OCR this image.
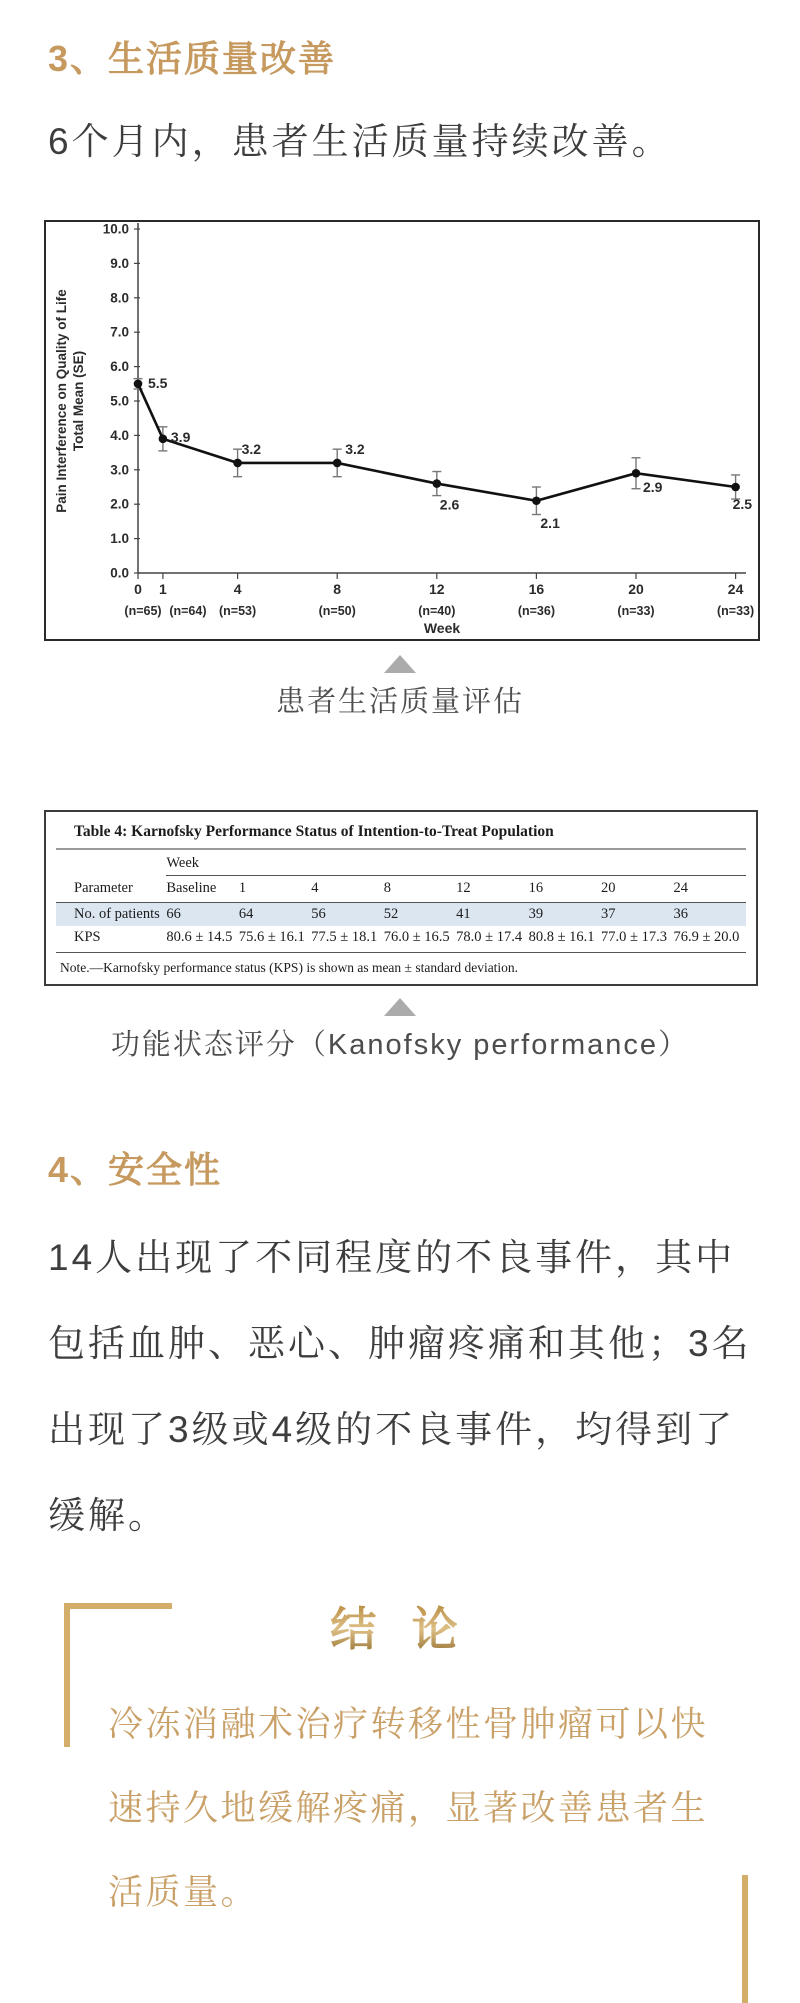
3、生活质量改善

6个月内，患者生活质量持续改善。

0.0
1.0
2.0
3.0
4.0
5.0
6.0
7.0
8.0
9.0
10.0
0
(n=65)
1
(n=64)
4
(n=53)
8
(n=50)
12
(n=40)
16
(n=36)
20
(n=33)
24
(n=33)
Week
Pain Interference on Quality of Life Total Mean (SE)	5.5
3.9
3.2	3.2
2.6
2.1
2.9
2.5
患者生活质量评估
Table 4: Karnofsky Performance Status of Intention-to-Treat Population
	Week							
Parameter	Baseline	1	4	8	12	16	20	24
No. of patients	66	64	56	52	41	39	37	36
KPS	80.6 ± 14.5	75.6 ± 16.1	77.5 ± 18.1	76.0 ± 16.5	78.0 ± 17.4	80.8 ± 16.1	77.0 ± 17.3	76.9 ± 20.0
Note.—Karnofsky performance status (KPS) is shown as mean ± standard deviation.
功能状态评分（Kanofsky performance）
4、安全性

14人出现了不同程度的不良事件，其中包括血肿、恶心、肿瘤疼痛和其他；3名出现了3级或4级的不良事件，均得到了缓解。

结 论

冷冻消融术治疗转移性骨肿瘤可以快速持久地缓解疼痛，显著改善患者生活质量。
